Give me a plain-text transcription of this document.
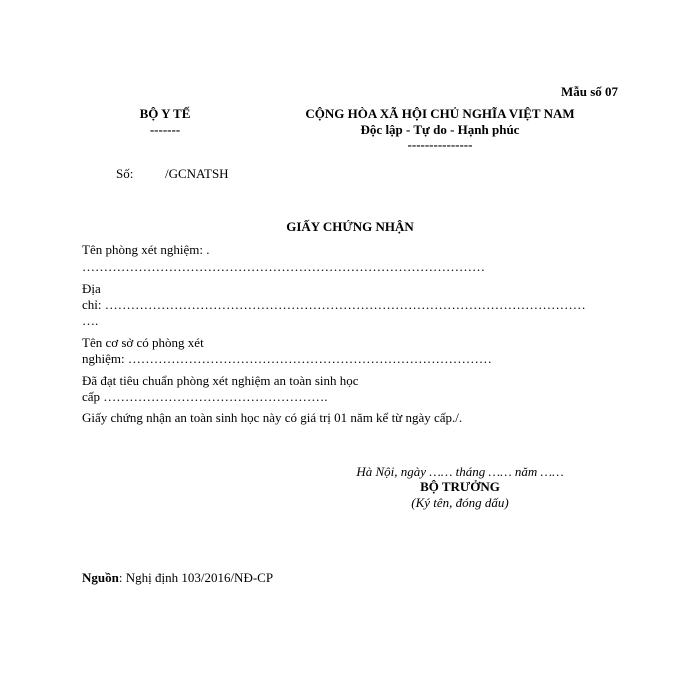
Mẫu số 07
BỘ Y TẾ
-------
CỘNG HÒA XÃ HỘI CHỦ NGHĨA VIỆT NAM
Độc lập - Tự do - Hạnh phúc
---------------
Số: /GCNATSH
GIẤY CHỨNG NHẬN
Tên phòng xét nghiệm: .
…………………………………………………………………………………
Địa
chỉ: …………………………………………………………………………………………………
….
Tên cơ sở có phòng xét
nghiệm: …………………………………………………………………………
Đã đạt tiêu chuẩn phòng xét nghiệm an toàn sinh học
cấp …………………………………………….
Giấy chứng nhận an toàn sinh học này có giá trị 01 năm kể từ ngày cấp./.
Hà Nội, ngày …… tháng …… năm ……
BỘ TRƯỞNG
(Ký tên, đóng dấu)
Nguồn: Nghị định 103/2016/NĐ-CP
